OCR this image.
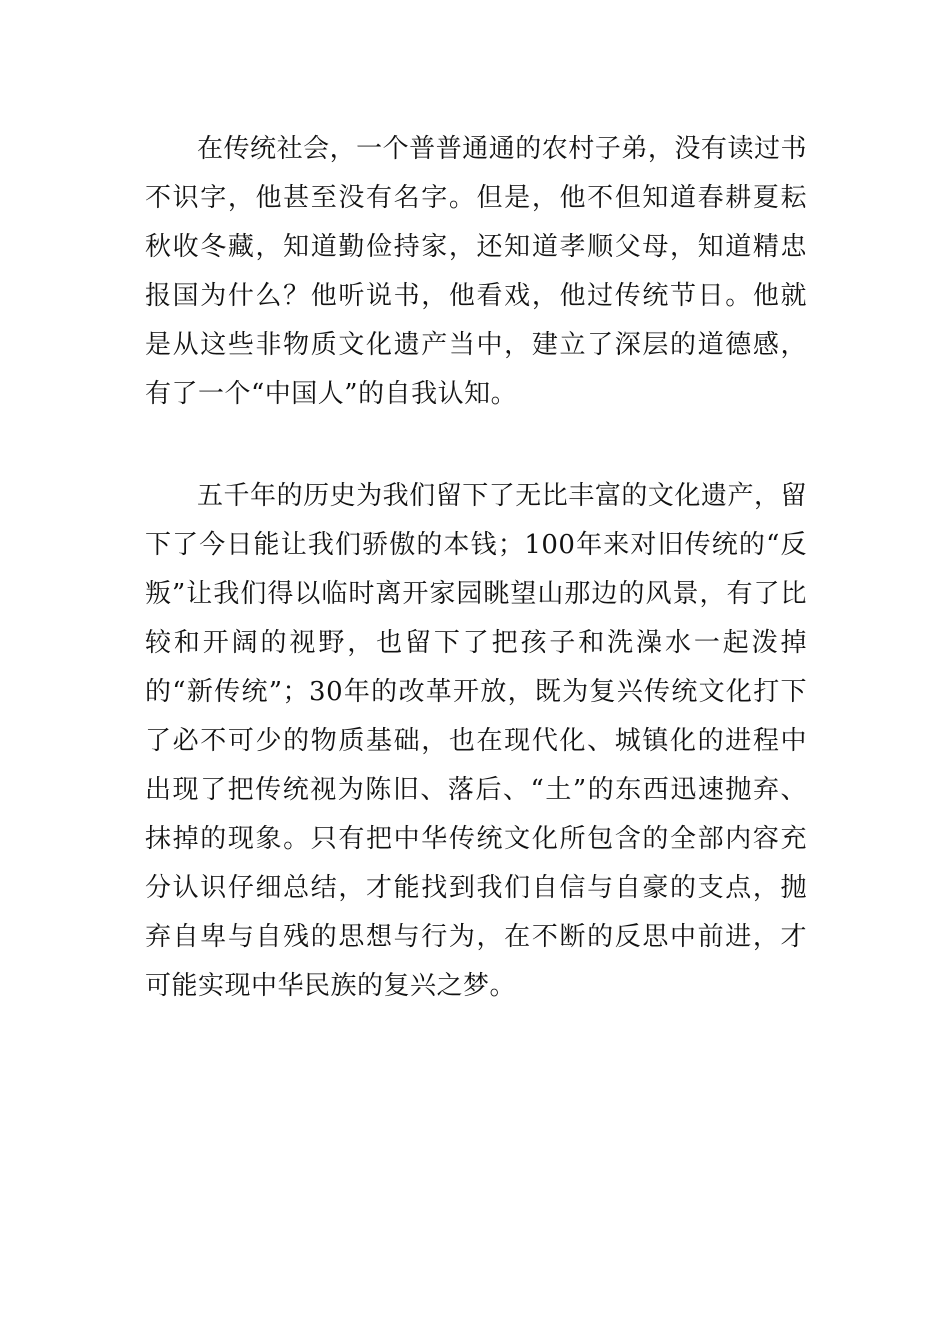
在传统社会，一个普普通通的农村子弟，没有读过书不识字，他甚至没有名字。但是，他不但知道春耕夏耘秋收冬藏，知道勤俭持家，还知道孝顺父母，知道精忠报国为什么？他听说书，他看戏，他过传统节日。他就是从这些非物质文化遗产当中，建立了深层的道德感，有了一个“中国人”的自我认知。

五千年的历史为我们留下了无比丰富的文化遗产，留下了今日能让我们骄傲的本钱；100年来对旧传统的“反叛”让我们得以临时离开家园眺望山那边的风景，有了比较和开阔的视野，也留下了把孩子和洗澡水一起泼掉的“新传统”；30年的改革开放，既为复兴传统文化打下了必不可少的物质基础，也在现代化、城镇化的进程中出现了把传统视为陈旧、落后、“土”的东西迅速抛弃、抹掉的现象。只有把中华传统文化所包含的全部内容充分认识仔细总结，才能找到我们自信与自豪的支点，抛弃自卑与自残的思想与行为，在不断的反思中前进，才可能实现中华民族的复兴之梦。
